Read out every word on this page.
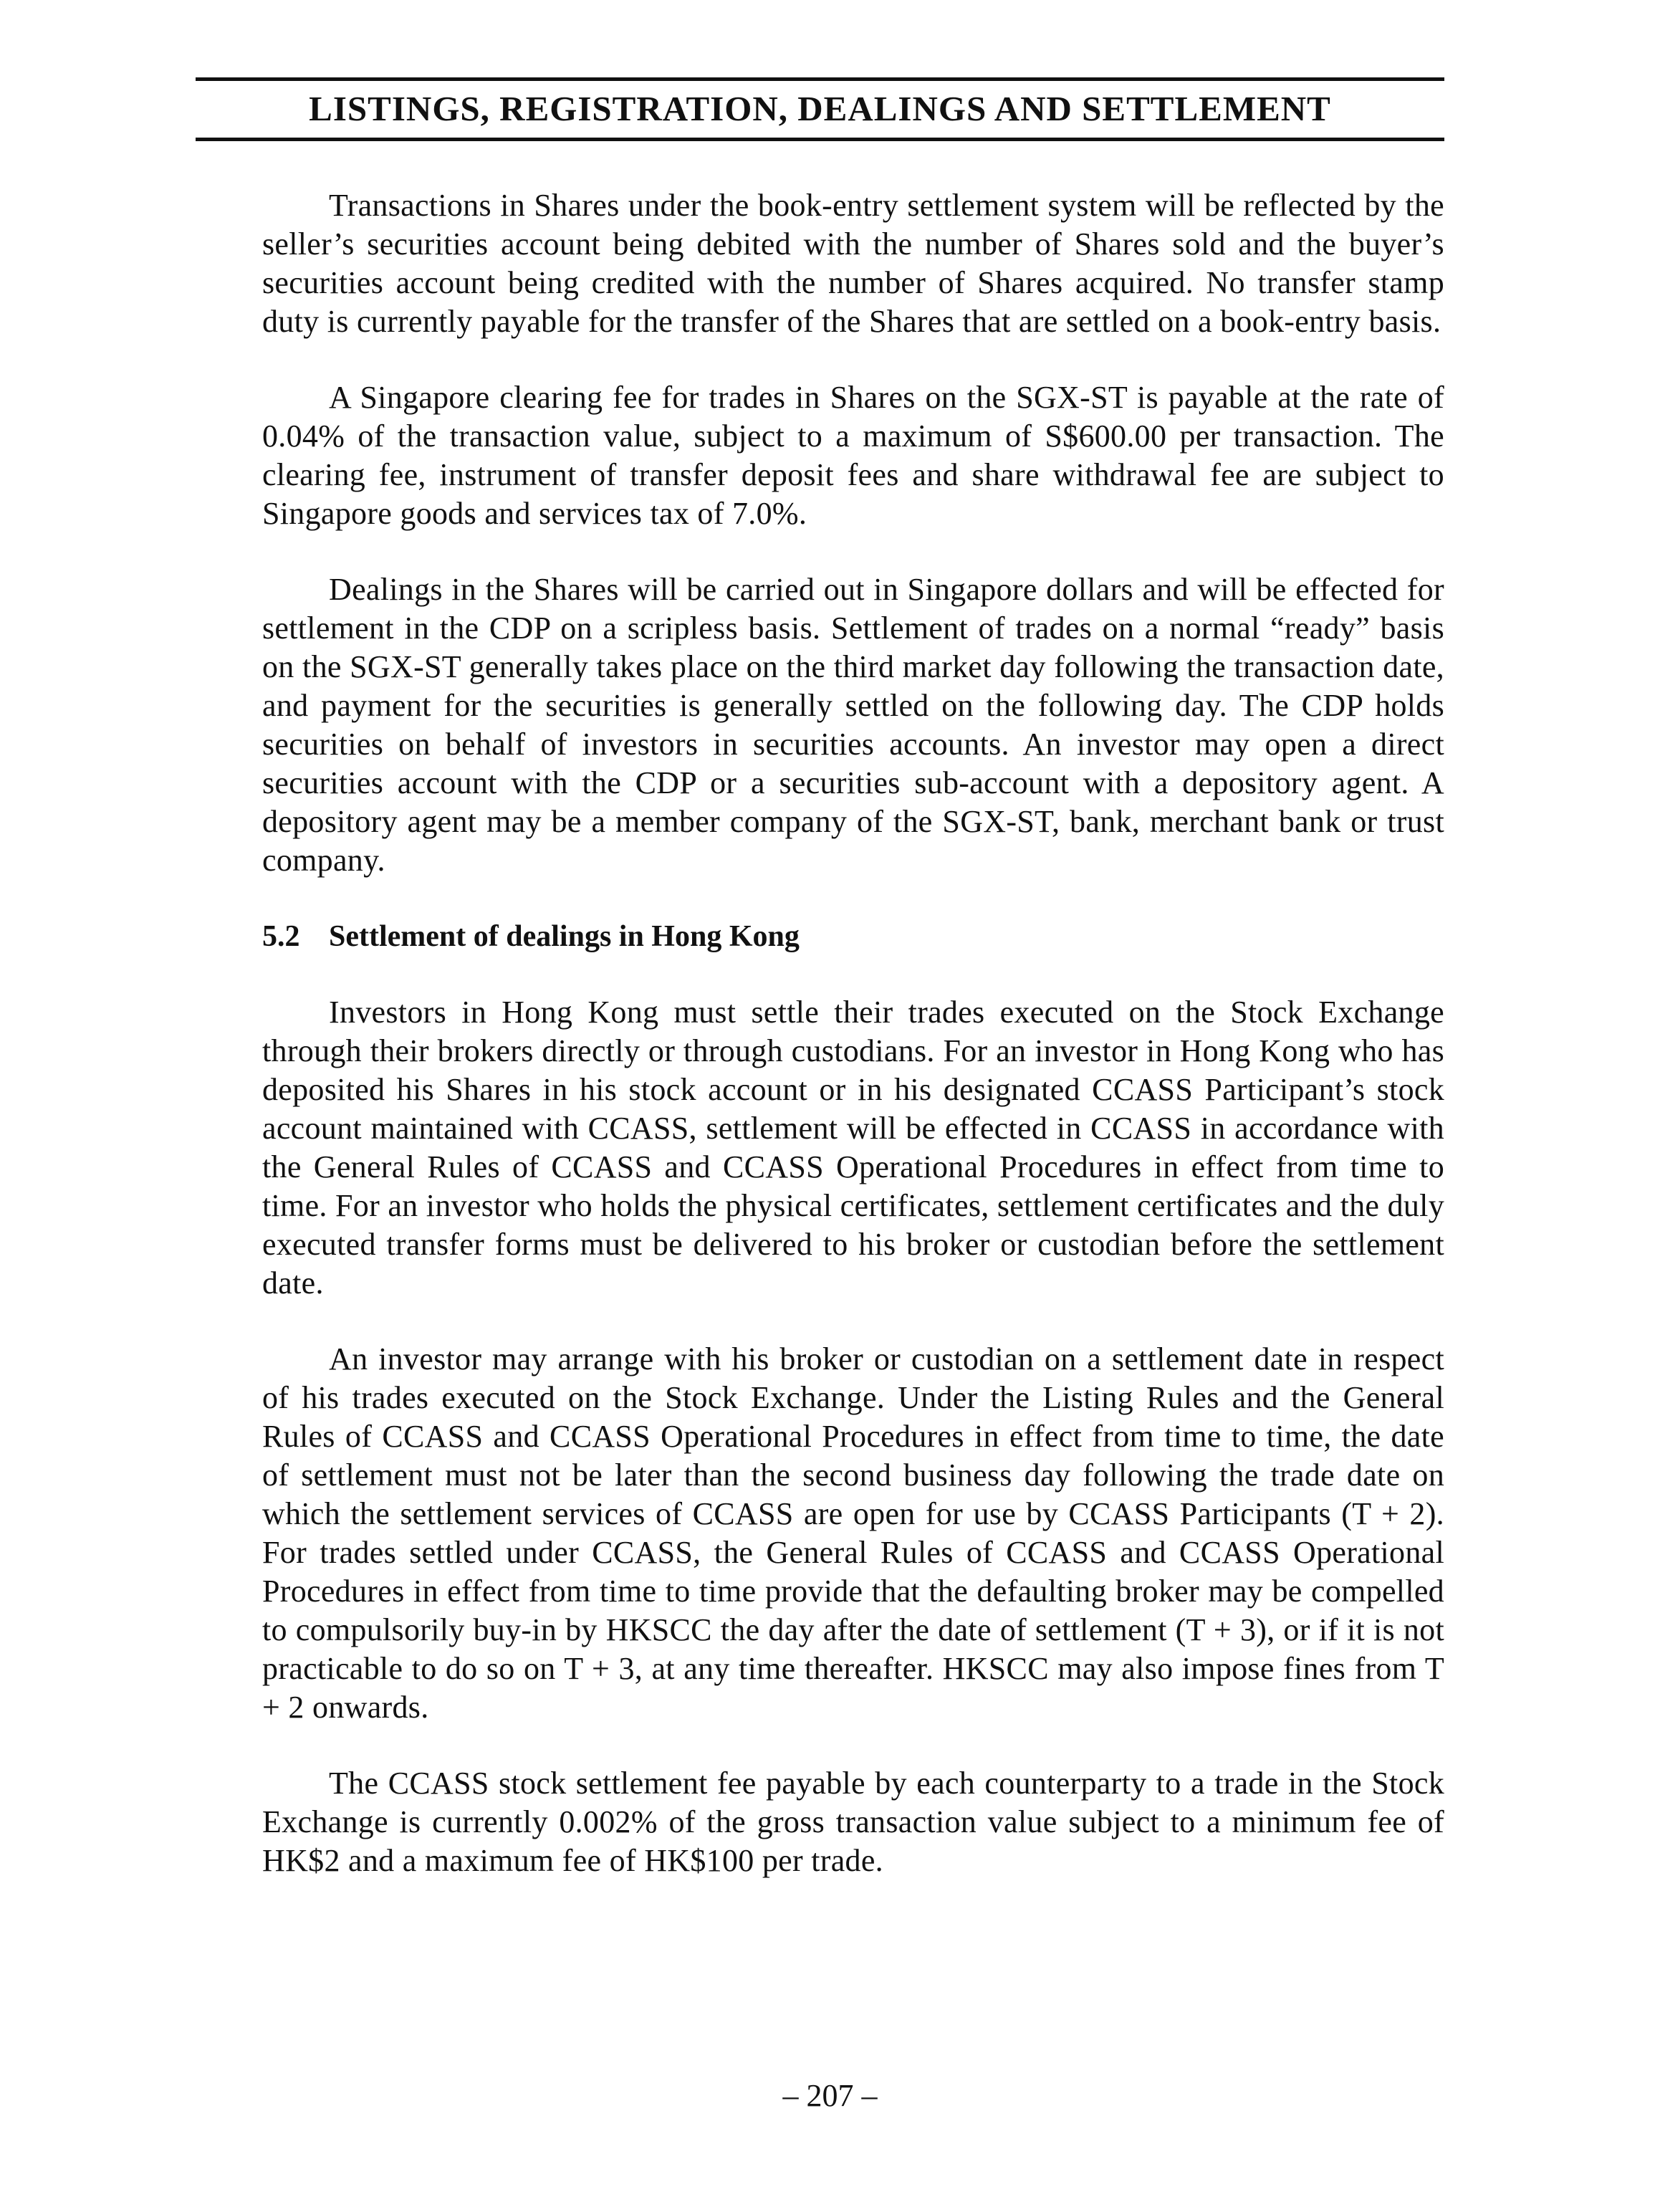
LISTINGS, REGISTRATION, DEALINGS AND SETTLEMENT

Transactions in Shares under the book-entry settlement system will be reflected by the seller’s securities account being debited with the number of Shares sold and the buyer’s securities account being credited with the number of Shares acquired. No transfer stamp duty is currently payable for the transfer of the Shares that are settled on a book-entry basis.

A Singapore clearing fee for trades in Shares on the SGX-ST is payable at the rate of 0.04% of the transaction value, subject to a maximum of S$600.00 per transaction. The clearing fee, instrument of transfer deposit fees and share withdrawal fee are subject to Singapore goods and services tax of 7.0%.

Dealings in the Shares will be carried out in Singapore dollars and will be effected for settlement in the CDP on a scripless basis. Settlement of trades on a normal “ready” basis on the SGX-ST generally takes place on the third market day following the transaction date, and payment for the securities is generally settled on the following day. The CDP holds securities on behalf of investors in securities accounts. An investor may open a direct securities account with the CDP or a securities sub-account with a depository agent. A depository agent may be a member company of the SGX-ST, bank, merchant bank or trust company.

5.2 Settlement of dealings in Hong Kong

Investors in Hong Kong must settle their trades executed on the Stock Exchange through their brokers directly or through custodians. For an investor in Hong Kong who has deposited his Shares in his stock account or in his designated CCASS Participant’s stock account maintained with CCASS, settlement will be effected in CCASS in accordance with the General Rules of CCASS and CCASS Operational Procedures in effect from time to time. For an investor who holds the physical certificates, settlement certificates and the duly executed transfer forms must be delivered to his broker or custodian before the settlement date.

An investor may arrange with his broker or custodian on a settlement date in respect of his trades executed on the Stock Exchange. Under the Listing Rules and the General Rules of CCASS and CCASS Operational Procedures in effect from time to time, the date of settlement must not be later than the second business day following the trade date on which the settlement services of CCASS are open for use by CCASS Participants (T + 2). For trades settled under CCASS, the General Rules of CCASS and CCASS Operational Procedures in effect from time to time provide that the defaulting broker may be compelled to compulsorily buy-in by HKSCC the day after the date of settlement (T + 3), or if it is not practicable to do so on T + 3, at any time thereafter. HKSCC may also impose fines from T + 2 onwards.

The CCASS stock settlement fee payable by each counterparty to a trade in the Stock Exchange is currently 0.002% of the gross transaction value subject to a minimum fee of HK$2 and a maximum fee of HK$100 per trade.

– 207 –
